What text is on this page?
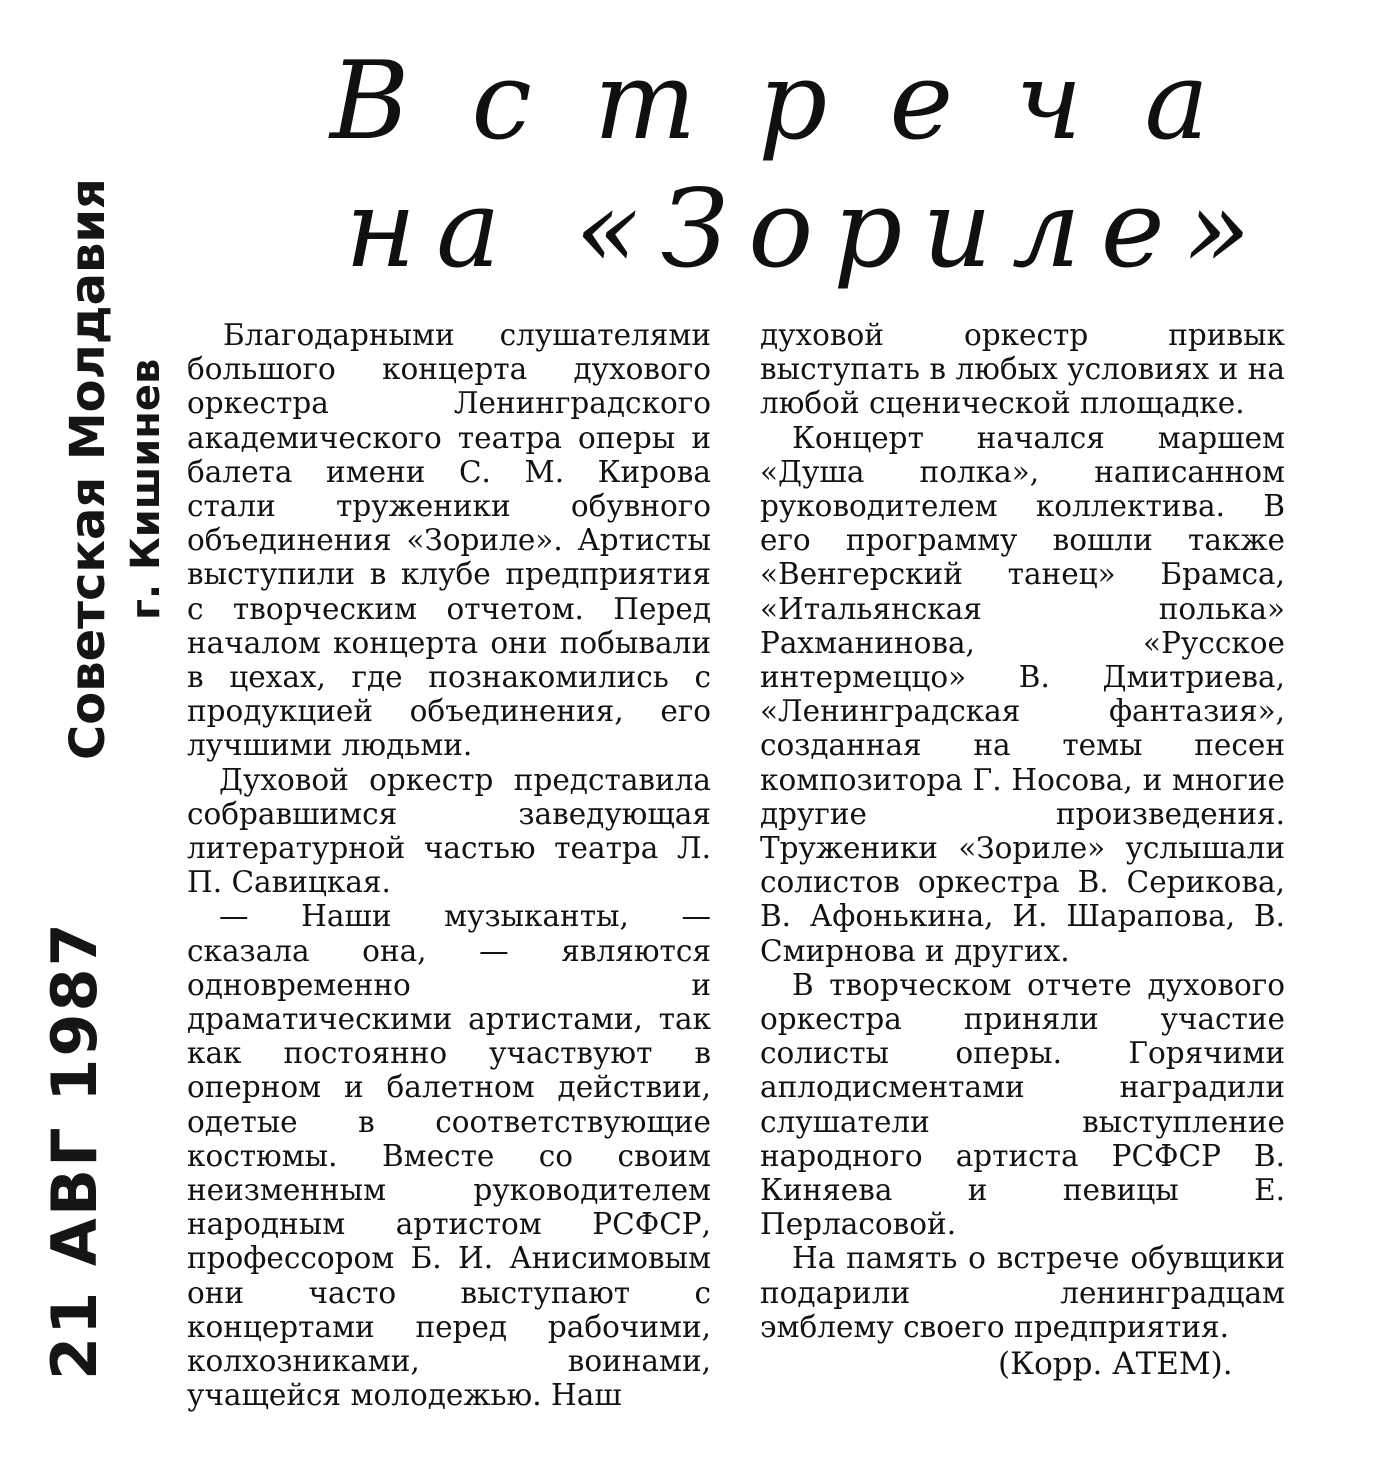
Встреча
на «Зориле»
21 АВГ 1987
Советская Молдавия г. Кишинев

Благодарными слушателями большого концерта духового оркестра Ленинградского академического театра оперы и балета имени С. М. Кирова стали труженики обувного объединения «Зориле». Артисты выступили в клубе предприятия с творческим отчетом. Перед началом концерта они побывали в цехах, где познакомились с продукцией объединения, его лучшими людьми.

Духовой оркестр представила собравшимся заведующая литературной частью театра Л. П. Савицкая.

— Наши музыканты, — сказала она, — являются одновременно и драматическими артистами, так как постоянно участвуют в оперном и балетном действии, одетые в соответствующие костюмы. Вместе со своим неизменным руководителем народным артистом РСФСР, профессором Б. И. Анисимовым они часто выступают с концертами перед рабочими, колхозниками, воинами, учащейся молодежью. Наш

духовой оркестр привык выступать в любых условиях и на любой сценической площадке.

Концерт начался маршем «Душа полка», написанном руководителем коллектива. В его программу вошли также «Венгерский танец» Брамса, «Итальянская полька» Рахманинова, «Русское интермеццо» В. Дмитриева, «Ленинградская фантазия», созданная на темы песен композитора Г. Носова, и многие другие произведения. Труженики «Зориле» услышали солистов оркестра В. Серикова, В. Афонькина, И. Шарапова, В. Смирнова и других.

В творческом отчете духового оркестра приняли участие солисты оперы. Горячими аплодисментами наградили слушатели выступление народного артиста РСФСР В. Киняева и певицы Е. Перласовой.

На память о встрече обувщики подарили ленинградцам эмблему своего предприятия.

(Корр. АТЕМ).
